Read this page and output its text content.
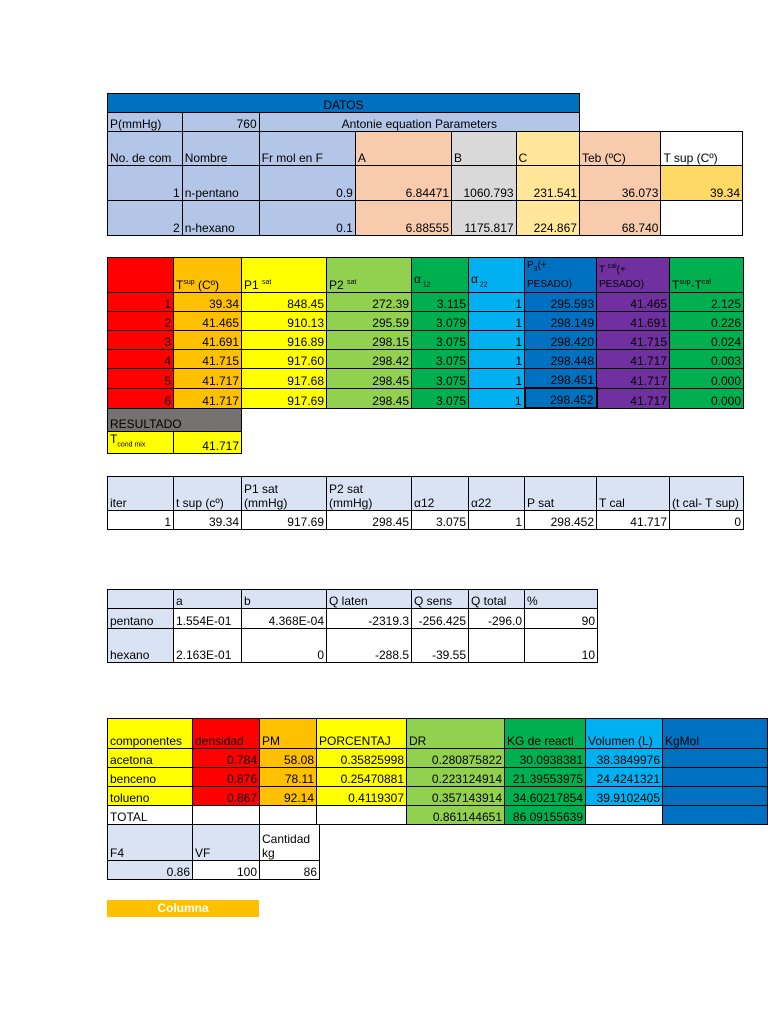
DATOS							
P(mmHg)	760	Antonie equation Parameters					
No. de com	Nombre	Fr mol en F	A	B	C	Teb (ºC)	T sup (Cº)
1	n-pentano	0.9	6.84471	1060.793	231.541	36.073	39.34
2	n-hexano	0.1	6.88555	1175.817	224.867	68.740	
	$T^{sup}$ (Cº)	P1 $^{sat}$	P2 $^{sat}$	α $_{12}$	α $_{22}$	$P_3(+$ PESADO)	T $^{cal}$(+ PESADO)	$T^{sup}-T^{cal}$
1	39.34	848.45	272.39	3.115	1	295.593	41.465	2.125
2	41.465	910.13	295.59	3.079	1	298.149	41.691	0.226
3	41.691	916.89	298.15	3.075	1	298.420	41.715	0.024
4	41.715	917.60	298.42	3.075	1	298.448	41.717	0.003
5	41.717	917.68	298.45	3.075	1	298.451	41.717	0.000
6	41.717	917.69	298.45	3.075	1	298.452	41.717	0.000
RESULTADO								
$T_{cond mix}$	41.717							
iter	t sup (cº)	P1 sat (mmHg)	P2 sat (mmHg)	α12	α22	P sat	T cal	(t cal- T sup)
1	39.34	917.69	298.45	3.075	1	298.452	41.717	0
	a	b	Q laten	Q sens	Q total	%
pentano	1.554E-01	4.368E-04	-2319.3	-256.425	-296.0	90
hexano	2.163E-01	0	-288.5	-39.55		10
componentes	densidad	PM	PORCENTAJ	DR	KG de reacti	Volumen (L)	KgMol
acetona	0.784	58.08	0.35825998	0.280875822	30.0938381	38.3849976	
benceno	0.876	78.11	0.25470881	0.223124914	21.39553975	24.4241321	
tolueno	0.867	92.14	0.4119307	0.357143914	34.60217854	39.9102405	
TOTAL				0.861144651	86.09155639		
F4	VF	Cantidad kg
0.86	100	86
Columna
